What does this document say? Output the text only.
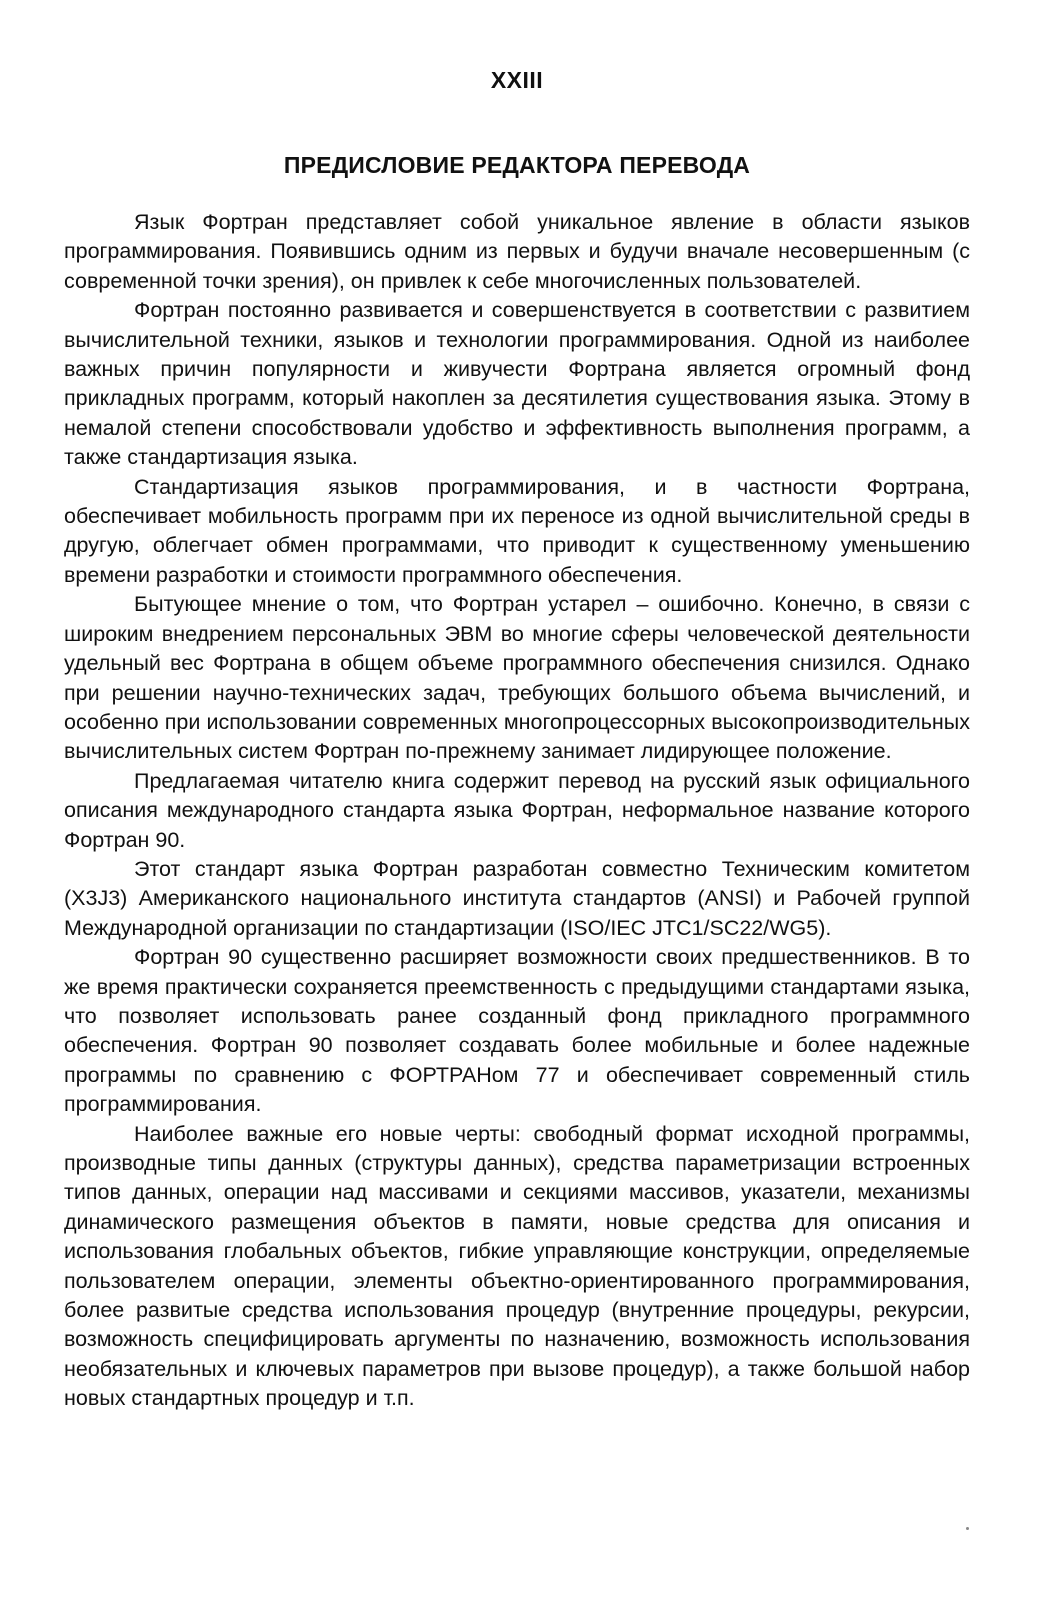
XXIII
ПРЕДИСЛОВИЕ РЕДАКТОРА ПЕРЕВОДА

Язык Фортран представляет собой уникальное явление в области языков программирования. Появившись одним из первых и будучи вначале несовершенным (с современной точки зрения), он привлек к себе многочисленных пользователей.

Фортран постоянно развивается и совершенствуется в соответствии с развитием вычислительной техники, языков и технологии программирования. Одной из наиболее важных причин популярности и живучести Фортрана является огромный фонд прикладных программ, который накоплен за десятилетия существования языка. Этому в немалой степени способствовали удобство и эффективность выполнения программ, а также стандартизация языка.

Стандартизация языков программирования, и в частности Фортрана, обеспечивает мобильность программ при их переносе из одной вычислительной среды в другую, облегчает обмен программами, что приводит к существенному уменьшению времени разработки и стоимости программного обеспечения.

Бытующее мнение о том, что Фортран устарел – ошибочно. Конечно, в связи с широким внедрением персональных ЭВМ во многие сферы человеческой деятельности удельный вес Фортрана в общем объеме программного обеспечения снизился. Однако при решении научно-технических задач, требующих большого объема вычислений, и особенно при использовании современных многопроцессорных высокопроизводительных вычислительных систем Фортран по-прежнему занимает лидирующее положение.

Предлагаемая читателю книга содержит перевод на русский язык официального описания международного стандарта языка Фортран, неформальное название которого Фортран 90.

Этот стандарт языка Фортран разработан совместно Техническим комитетом (X3J3) Американского национального института стандартов (ANSI) и Рабочей группой Международной организации по стандартизации (ISO/IEC JTC1/SC22/WG5).

Фортран 90 существенно расширяет возможности своих предшественников. В то же время практически сохраняется преемственность с предыдущими стандартами языка, что позволяет использовать ранее созданный фонд прикладного программного обеспечения. Фортран 90 позволяет создавать более мобильные и более надежные программы по сравнению с ФОРТРАНом 77 и обеспечивает современный стиль программирования.

Наиболее важные его новые черты: свободный формат исходной программы, производные типы данных (структуры данных), средства параметризации встроенных типов данных, операции над массивами и секциями массивов, указатели, механизмы динамического размещения объектов в памяти, новые средства для описания и использования глобальных объектов, гибкие управляющие конструкции, определяемые пользователем операции, элементы объектно-ориентированного программирования, более развитые средства использования процедур (внутренние процедуры, рекурсии, возможность специфицировать аргументы по назначению, возможность использования необязательных и ключевых параметров при вызове процедур), а также большой набор новых стандартных процедур и т.п.
